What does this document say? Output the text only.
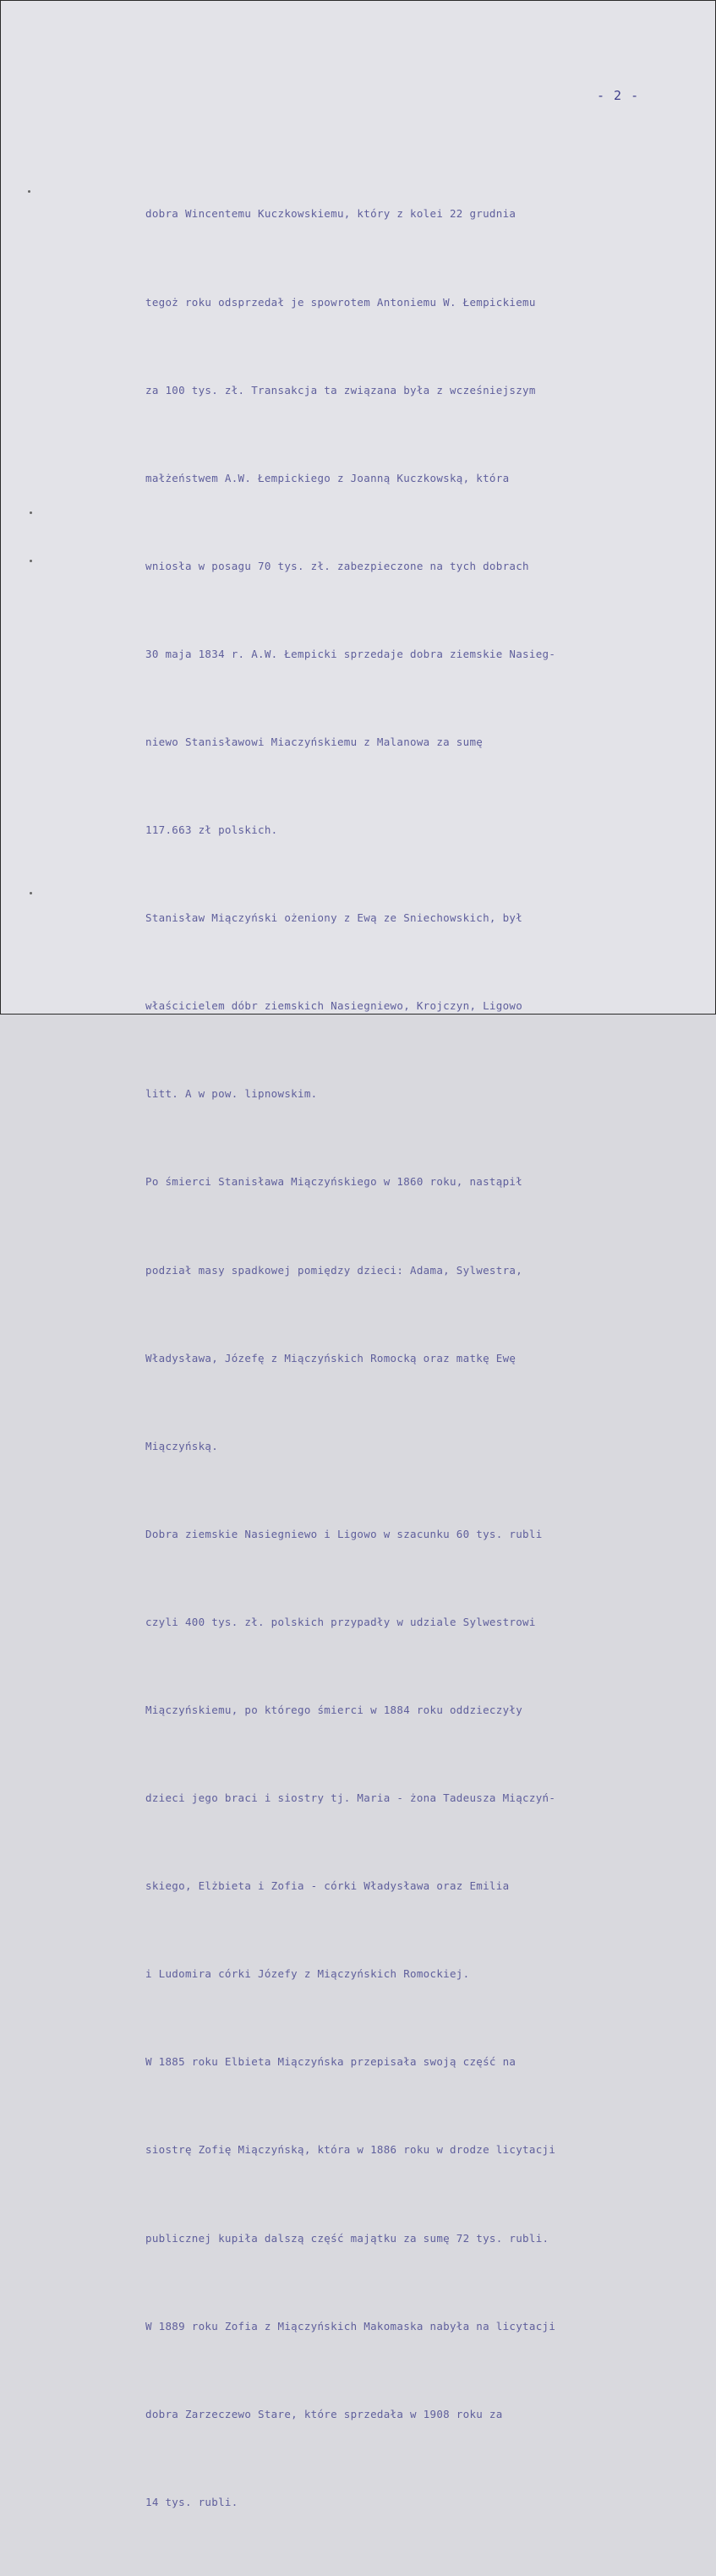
- 2 -

dobra Wincentemu Kuczkowskiemu, który z kolei 22 grudnia

tegoż roku odsprzedał je spowrotem Antoniemu W. Łempickiemu

za 100 tys. zł. Transakcja ta związana była z wcześniejszym

małżeństwem A.W. Łempickiego z Joanną Kuczkowską, która

wniosła w posagu 70 tys. zł. zabezpieczone na tych dobrach

30 maja 1834 r. A.W. Łempicki sprzedaje dobra ziemskie Nasieg-

niewo Stanisławowi Miaczyńskiemu z Malanowa za sumę

117.663 zł polskich.

Stanisław Miączyński ożeniony z Ewą ze Sniechowskich, był

właścicielem dóbr ziemskich Nasiegniewo, Krojczyn, Ligowo

litt. A w pow. lipnowskim.

Po śmierci Stanisława Miączyńskiego w 1860 roku, nastąpił

podział masy spadkowej pomiędzy dzieci: Adama, Sylwestra,

Władysława, Józefę z Miączyńskich Romocką oraz matkę Ewę

Miączyńską.

Dobra ziemskie Nasiegniewo i Ligowo w szacunku 60 tys. rubli

czyli 400 tys. zł. polskich przypadły w udziale Sylwestrowi

Miączyńskiemu, po którego śmierci w 1884 roku oddzieczyły

dzieci jego braci i siostry tj. Maria - żona Tadeusza Miączyń-

skiego, Elżbieta i Zofia - córki Władysława oraz Emilia

i Ludomira córki Józefy z Miączyńskich Romockiej.

W 1885 roku Elbieta Miączyńska przepisała swoją część na

siostrę Zofię Miączyńską, która w 1886 roku w drodze licytacji

publicznej kupiła dalszą część majątku za sumę 72 tys. rubli.

W 1889 roku Zofia z Miączyńskich Makomaska nabyła na licytacji

dobra Zarzeczewo Stare, które sprzedała w 1908 roku za

14 tys. rubli.
